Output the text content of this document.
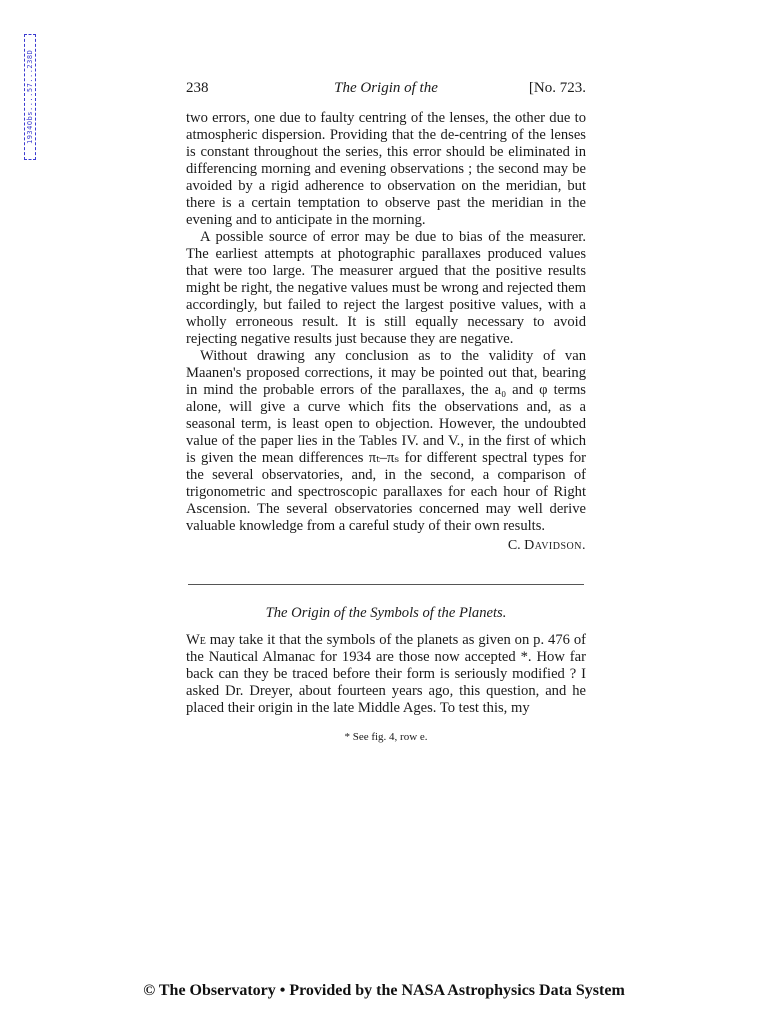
1934Obs....57...238D	238	The Origin of the	[No. 723.

two errors, one due to faulty centring of the lenses, the other due to atmospheric dispersion. Providing that the de-centring of the lenses is constant throughout the series, this error should be eliminated in differencing morning and evening observations ; the second may be avoided by a rigid adherence to observation on the meridian, but there is a certain temptation to observe past the meridian in the evening and to anticipate in the morning.

A possible source of error may be due to bias of the measurer. The earliest attempts at photographic parallaxes produced values that were too large. The measurer argued that the positive results might be right, the negative values must be wrong and rejected them accordingly, but failed to reject the largest positive values, with a wholly erroneous result. It is still equally necessary to avoid rejecting negative results just because they are negative.

Without drawing any conclusion as to the validity of van Maanen's proposed corrections, it may be pointed out that, bearing in mind the probable errors of the parallaxes, the a₀ and φ terms alone, will give a curve which fits the observations and, as a seasonal term, is least open to objection. However, the undoubted value of the paper lies in the Tables IV. and V., in the first of which is given the mean differences πₜ–πₛ for different spectral types for the several observatories, and, in the second, a comparison of trigonometric and spectroscopic parallaxes for each hour of Right Ascension. The several observatories concerned may well derive valuable knowledge from a careful study of their own results.

C. Davidson.
The Origin of the Symbols of the Planets.

We may take it that the symbols of the planets as given on p. 476 of the Nautical Almanac for 1934 are those now accepted *. How far back can they be traced before their form is seriously modified ? I asked Dr. Dreyer, about fourteen years ago, this question, and he placed their origin in the late Middle Ages. To test this, my

* See fig. 4, row e.
© The Observatory • Provided by the NASA Astrophysics Data System
